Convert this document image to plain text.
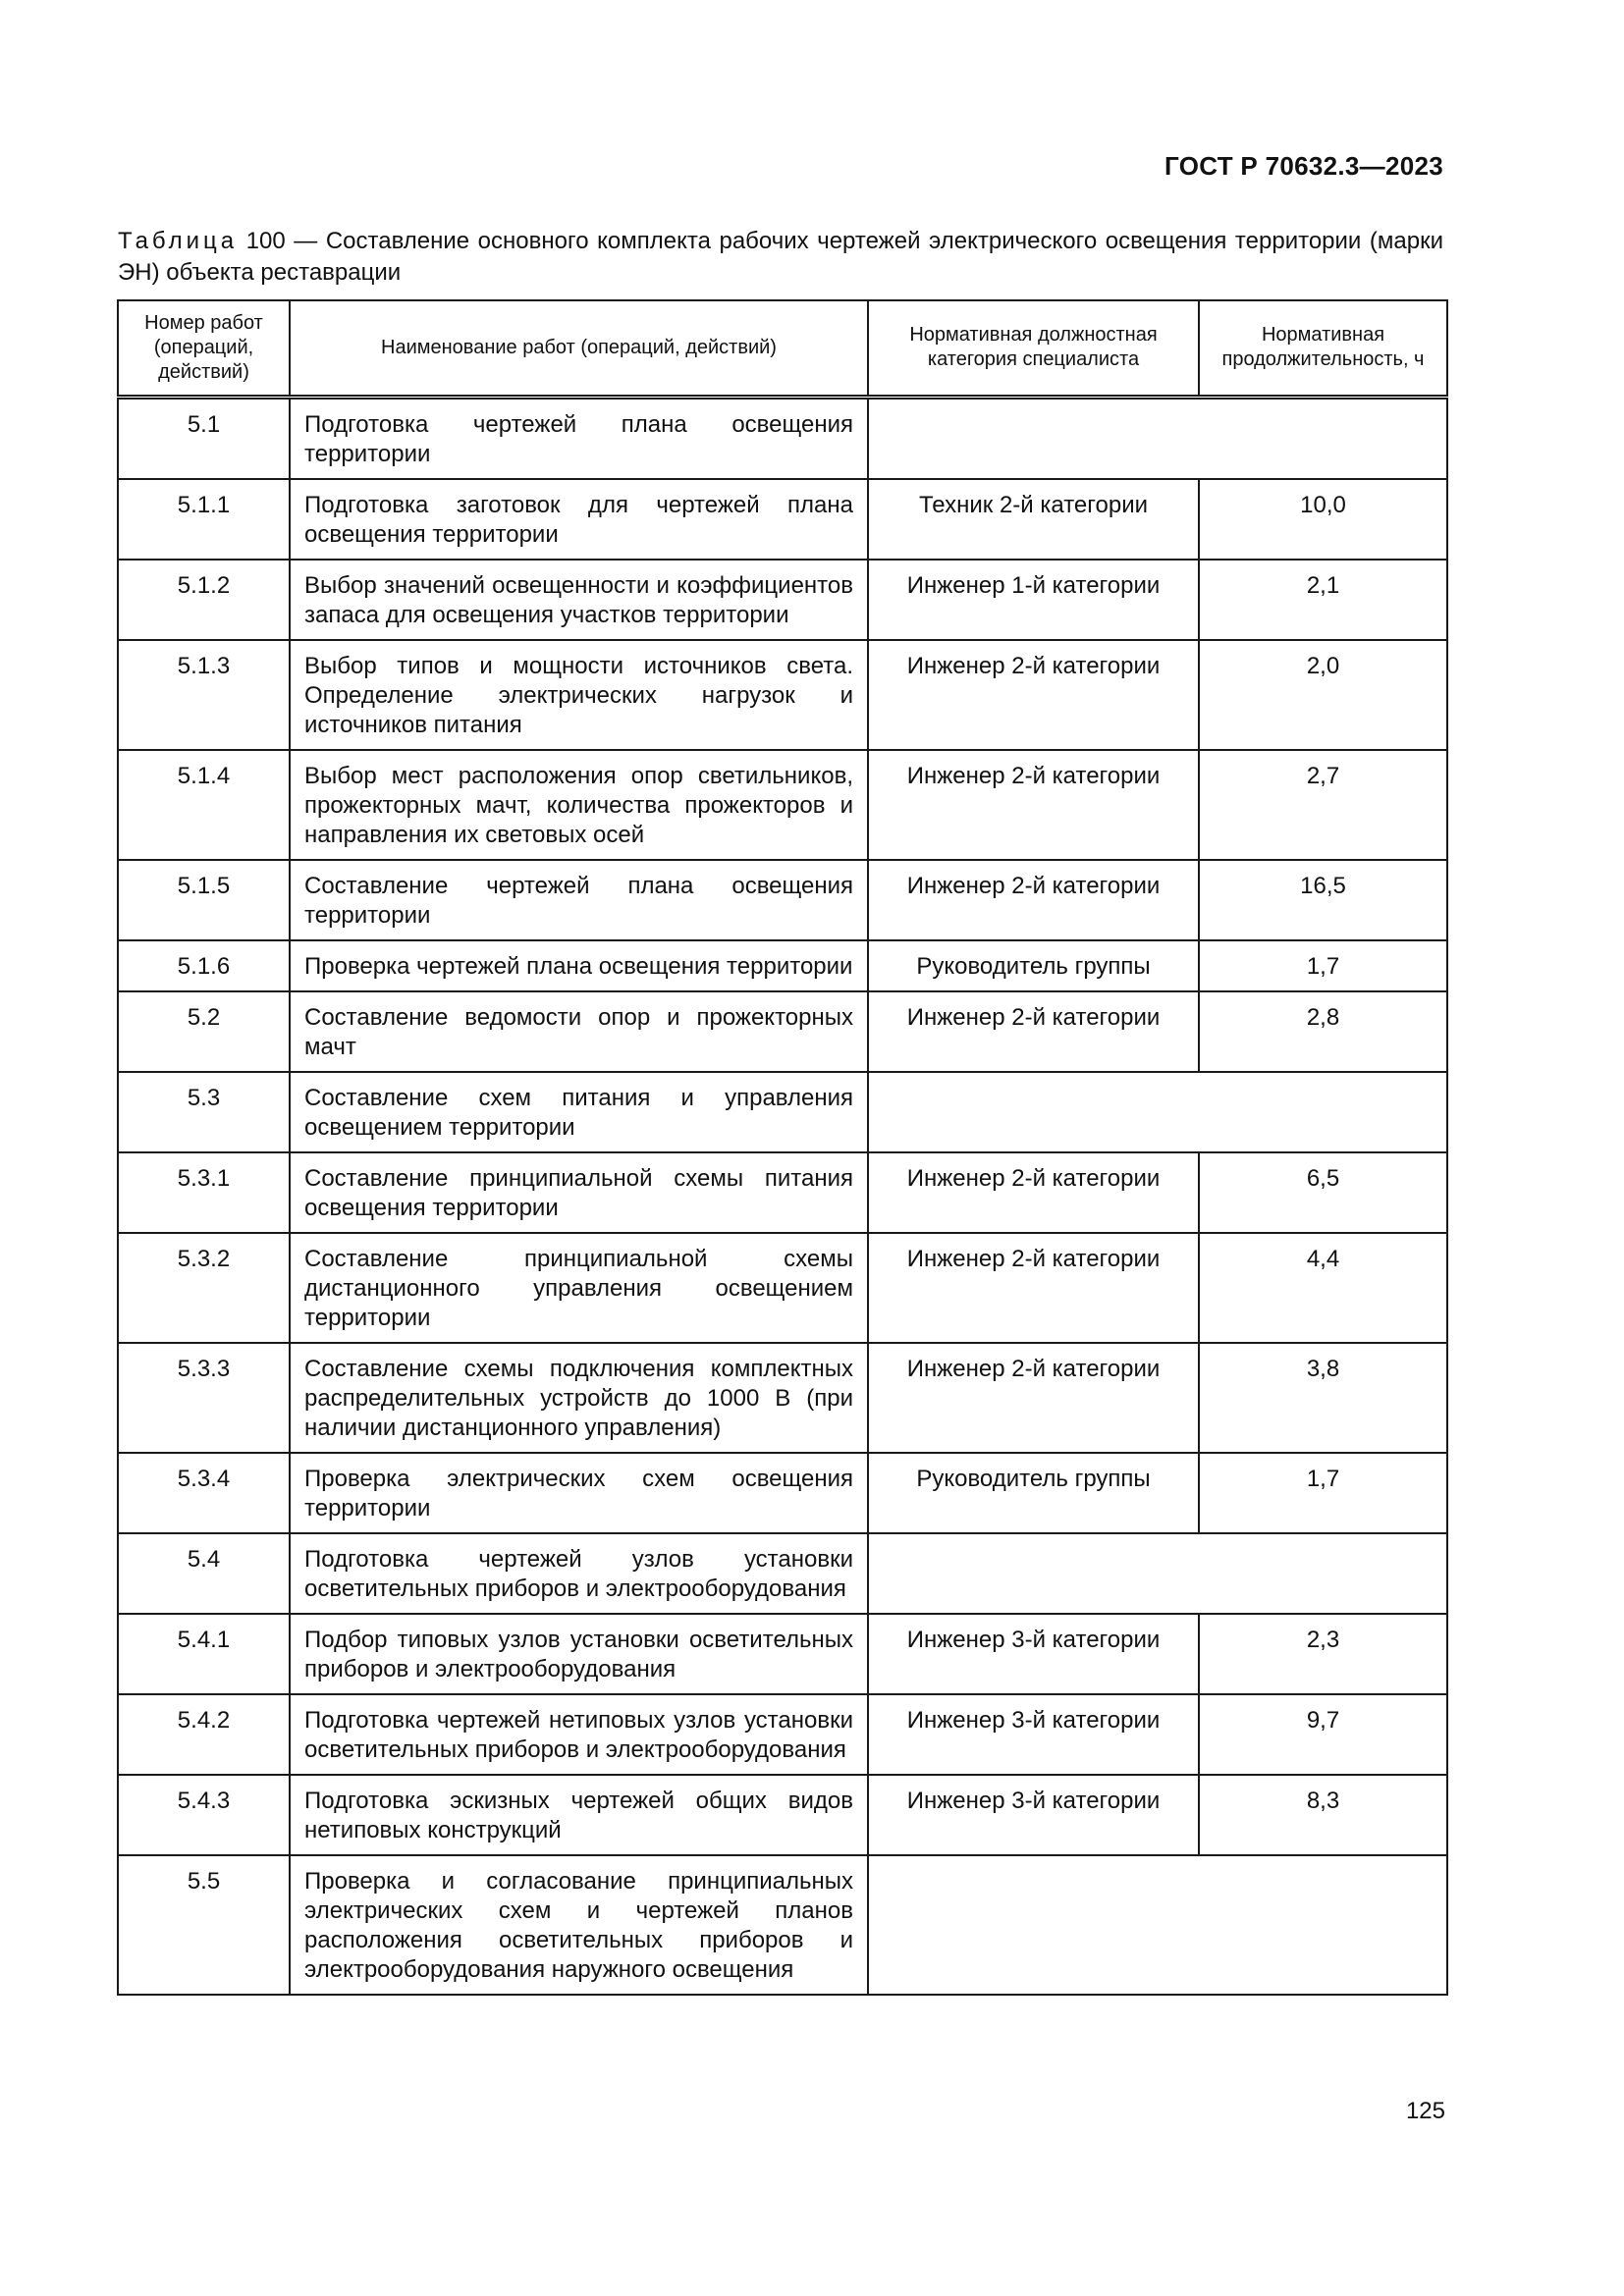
ГОСТ Р 70632.3—2023
Таблица 100 — Составление основного комплекта рабочих чертежей электрического освещения территории (марки ЭН) объекта реставрации
Номер работ (операций, действий)	Наименование работ (операций, действий)	Нормативная должностная категория специалиста	Нормативная продолжительность, ч
5.1	Подготовка чертежей плана освещения территории		
5.1.1	Подготовка заготовок для чертежей плана освещения территории	Техник 2-й категории	10,0
5.1.2	Выбор значений освещенности и коэффициентов запаса для освещения участков территории	Инженер 1-й категории	2,1
5.1.3	Выбор типов и мощности источников света. Определение электрических нагрузок и источников питания	Инженер 2-й категории	2,0
5.1.4	Выбор мест расположения опор светильников, прожекторных мачт, количества прожекторов и направления их световых осей	Инженер 2-й категории	2,7
5.1.5	Составление чертежей плана освещения территории	Инженер 2-й категории	16,5
5.1.6	Проверка чертежей плана освещения территории	Руководитель группы	1,7
5.2	Составление ведомости опор и прожекторных мачт	Инженер 2-й категории	2,8
5.3	Составление схем питания и управления освещением территории		
5.3.1	Составление принципиальной схемы питания освещения территории	Инженер 2-й категории	6,5
5.3.2	Составление принципиальной схемы дистанционного управления освещением территории	Инженер 2-й категории	4,4
5.3.3	Составление схемы подключения комплектных распределительных устройств до 1000 В (при наличии дистанционного управления)	Инженер 2-й категории	3,8
5.3.4	Проверка электрических схем освещения территории	Руководитель группы	1,7
5.4	Подготовка чертежей узлов установки осветительных приборов и электрооборудования		
5.4.1	Подбор типовых узлов установки осветительных приборов и электрооборудования	Инженер 3-й категории	2,3
5.4.2	Подготовка чертежей нетиповых узлов установки осветительных приборов и электрооборудования	Инженер 3-й категории	9,7
5.4.3	Подготовка эскизных чертежей общих видов нетиповых конструкций	Инженер 3-й категории	8,3
5.5	Проверка и согласование принципиальных электрических схем и чертежей планов расположения осветительных приборов и электрооборудования наружного освещения		
125
